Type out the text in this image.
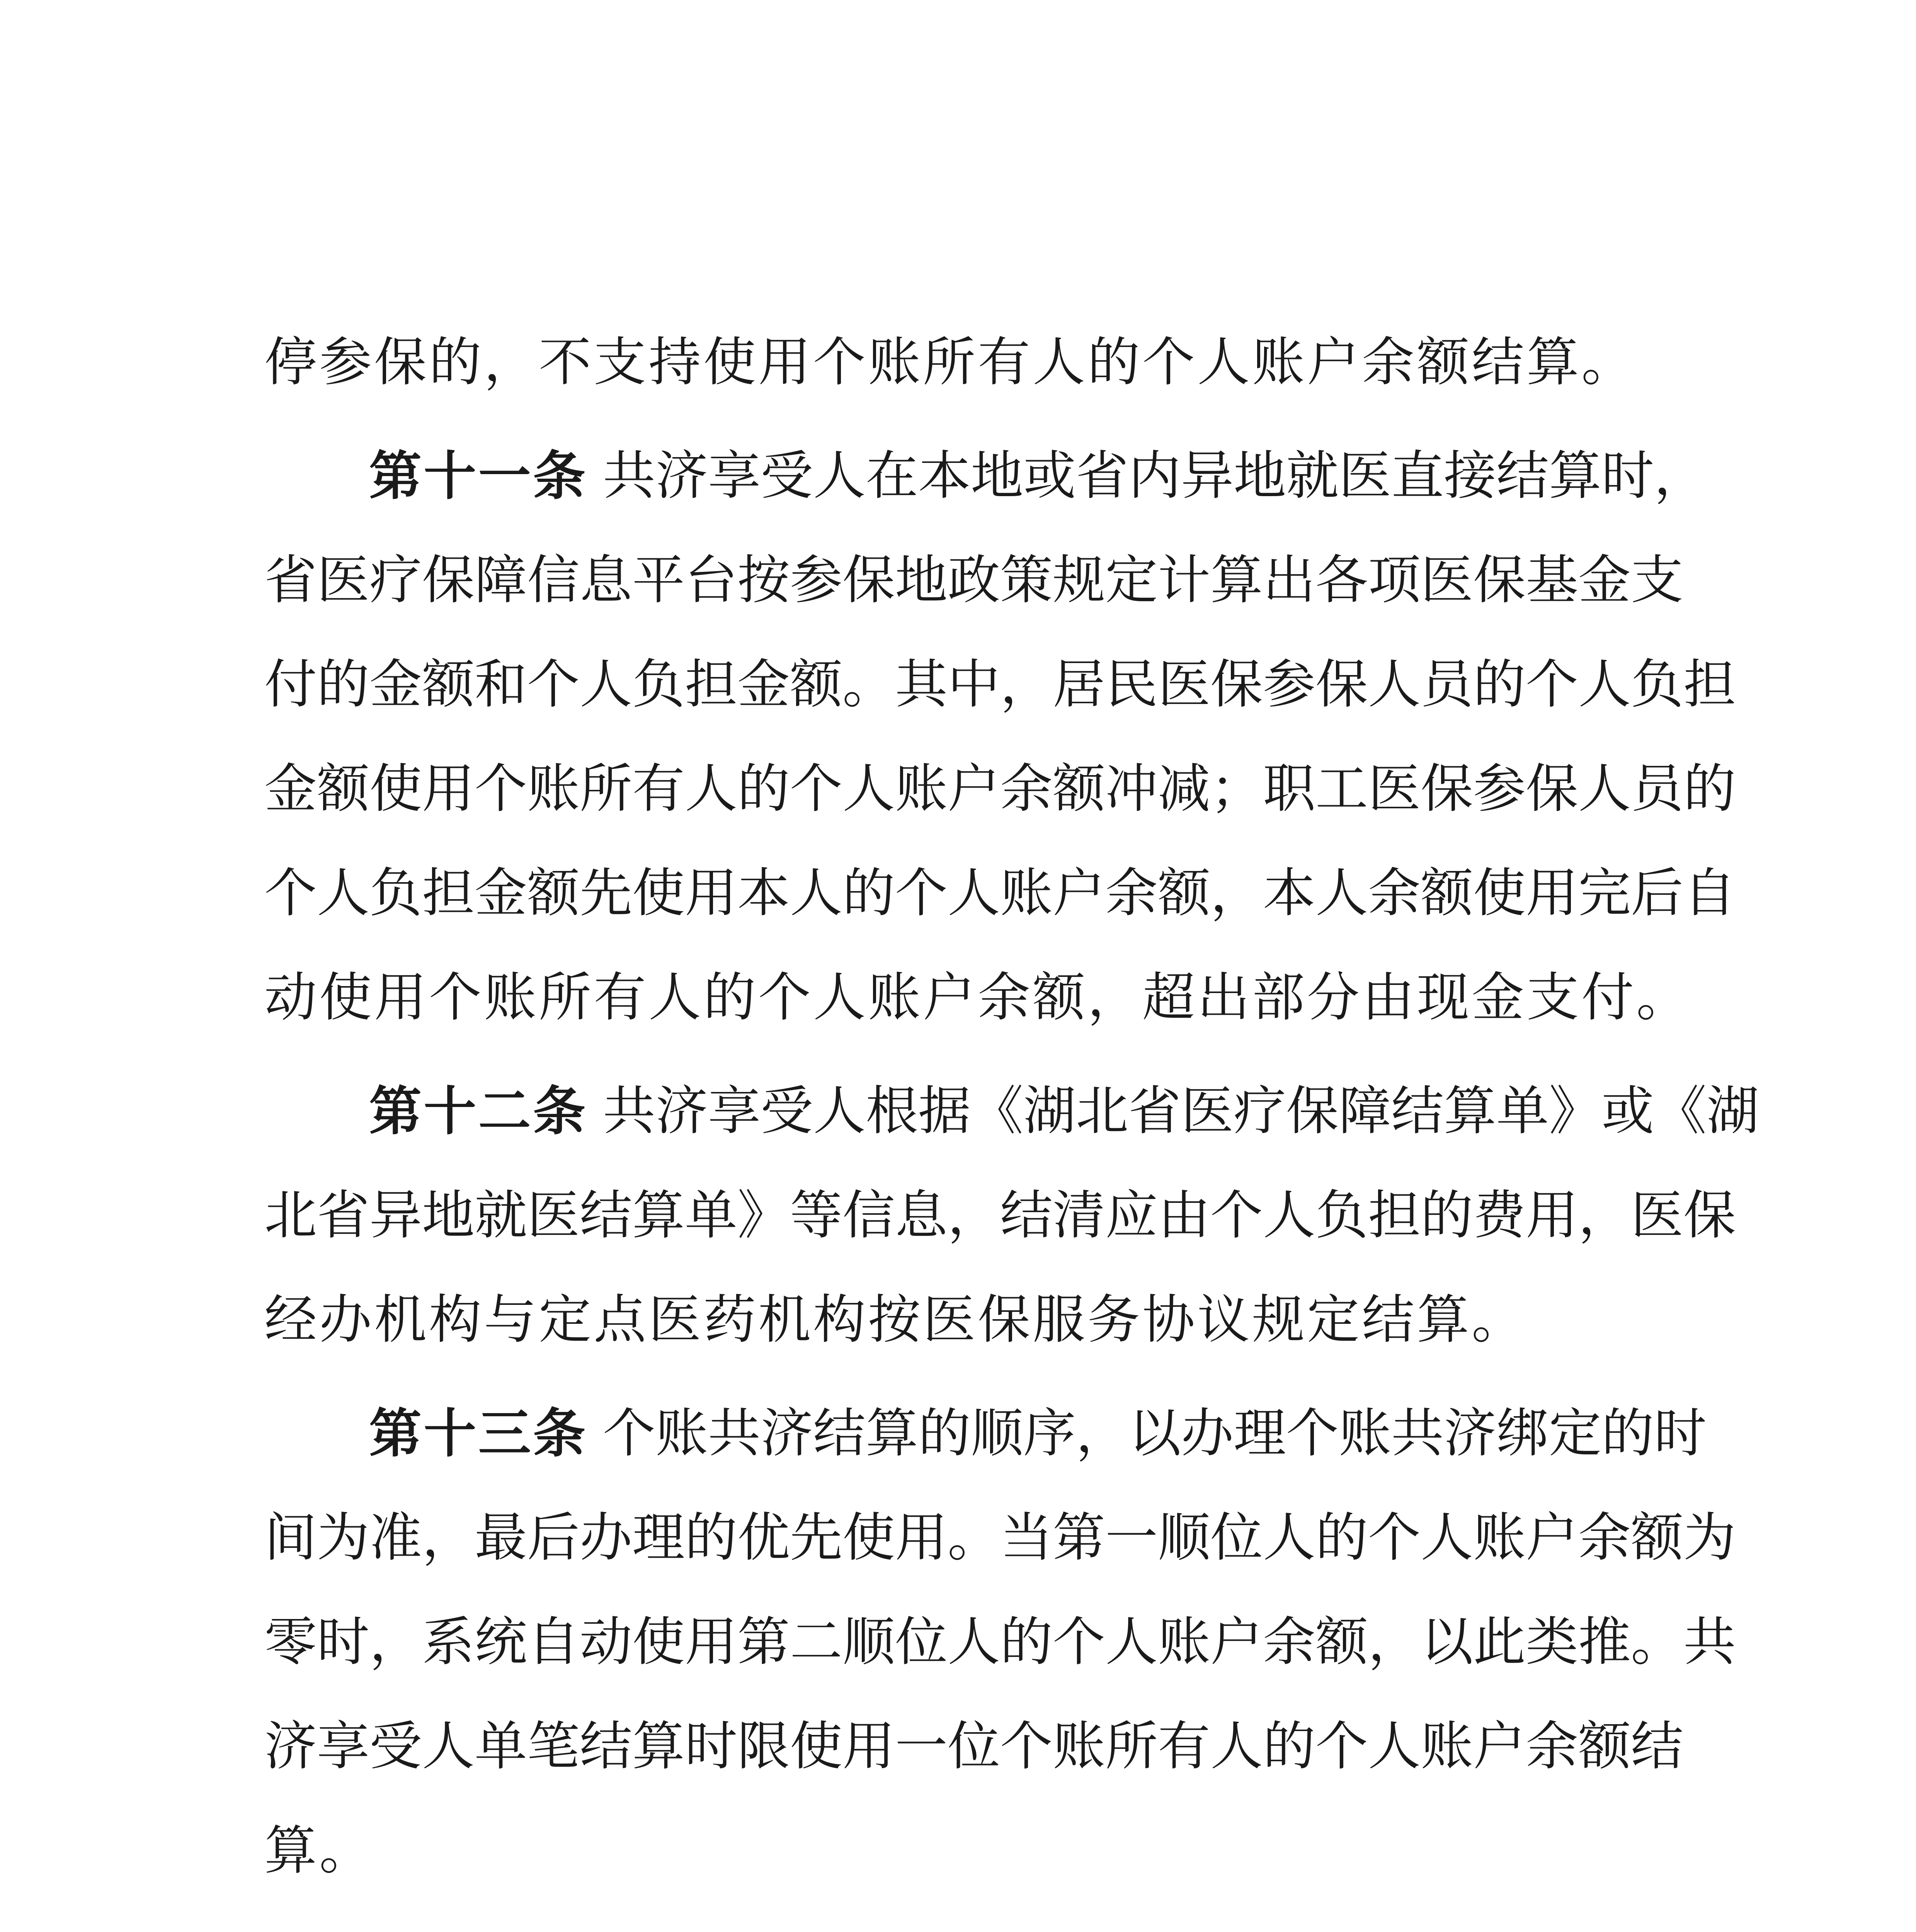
停参保的，不支持使用个账所有人的个人账户余额结算。
第 十 一 条 共 济 享 受 人 在 本 地 或 省 内 异 地 就 医 直 接 结 算 时 ，
省 医 疗 保 障 信 息 平 台 按 参 保 地 政 策 规 定 计 算 出 各 项 医 保 基 金 支
付 的 金 额 和 个 人 负 担 金 额 。 其 中 ， 居 民 医 保 参 保 人 员 的 个 人 负 担
金 额 使 用 个 账 所 有 人 的 个 人 账 户 余 额 冲 减 ； 职 工 医 保 参 保 人 员 的
个 人 负 担 金 额 先 使 用 本 人 的 个 人 账 户 余 额 ， 本 人 余 额 使 用 完 后 自
动使用个账所有人的个人账户余额，超出部分由现金支付。
第 十 二 条 共 济 享 受 人 根 据 《 湖 北 省 医 疗 保 障 结 算 单 》 或 《 湖
北 省 异 地 就 医 结 算 单 》 等 信 息 ， 结 清 应 由 个 人 负 担 的 费 用 ， 医 保
经办机构与定点医药机构按医保服务协议规定结算。
第 十 三 条 个 账 共 济 结 算 的 顺 序 ， 以 办 理 个 账 共 济 绑 定 的 时
间 为 准 ， 最 后 办 理 的 优 先 使 用 。 当 第 一 顺 位 人 的 个 人 账 户 余 额 为
零 时 ， 系 统 自 动 使 用 第 二 顺 位 人 的 个 人 账 户 余 额 ， 以 此 类 推 。 共
济 享 受 人 单 笔 结 算 时 限 使 用 一 位 个 账 所 有 人 的 个 人 账 户 余 额 结
算。
